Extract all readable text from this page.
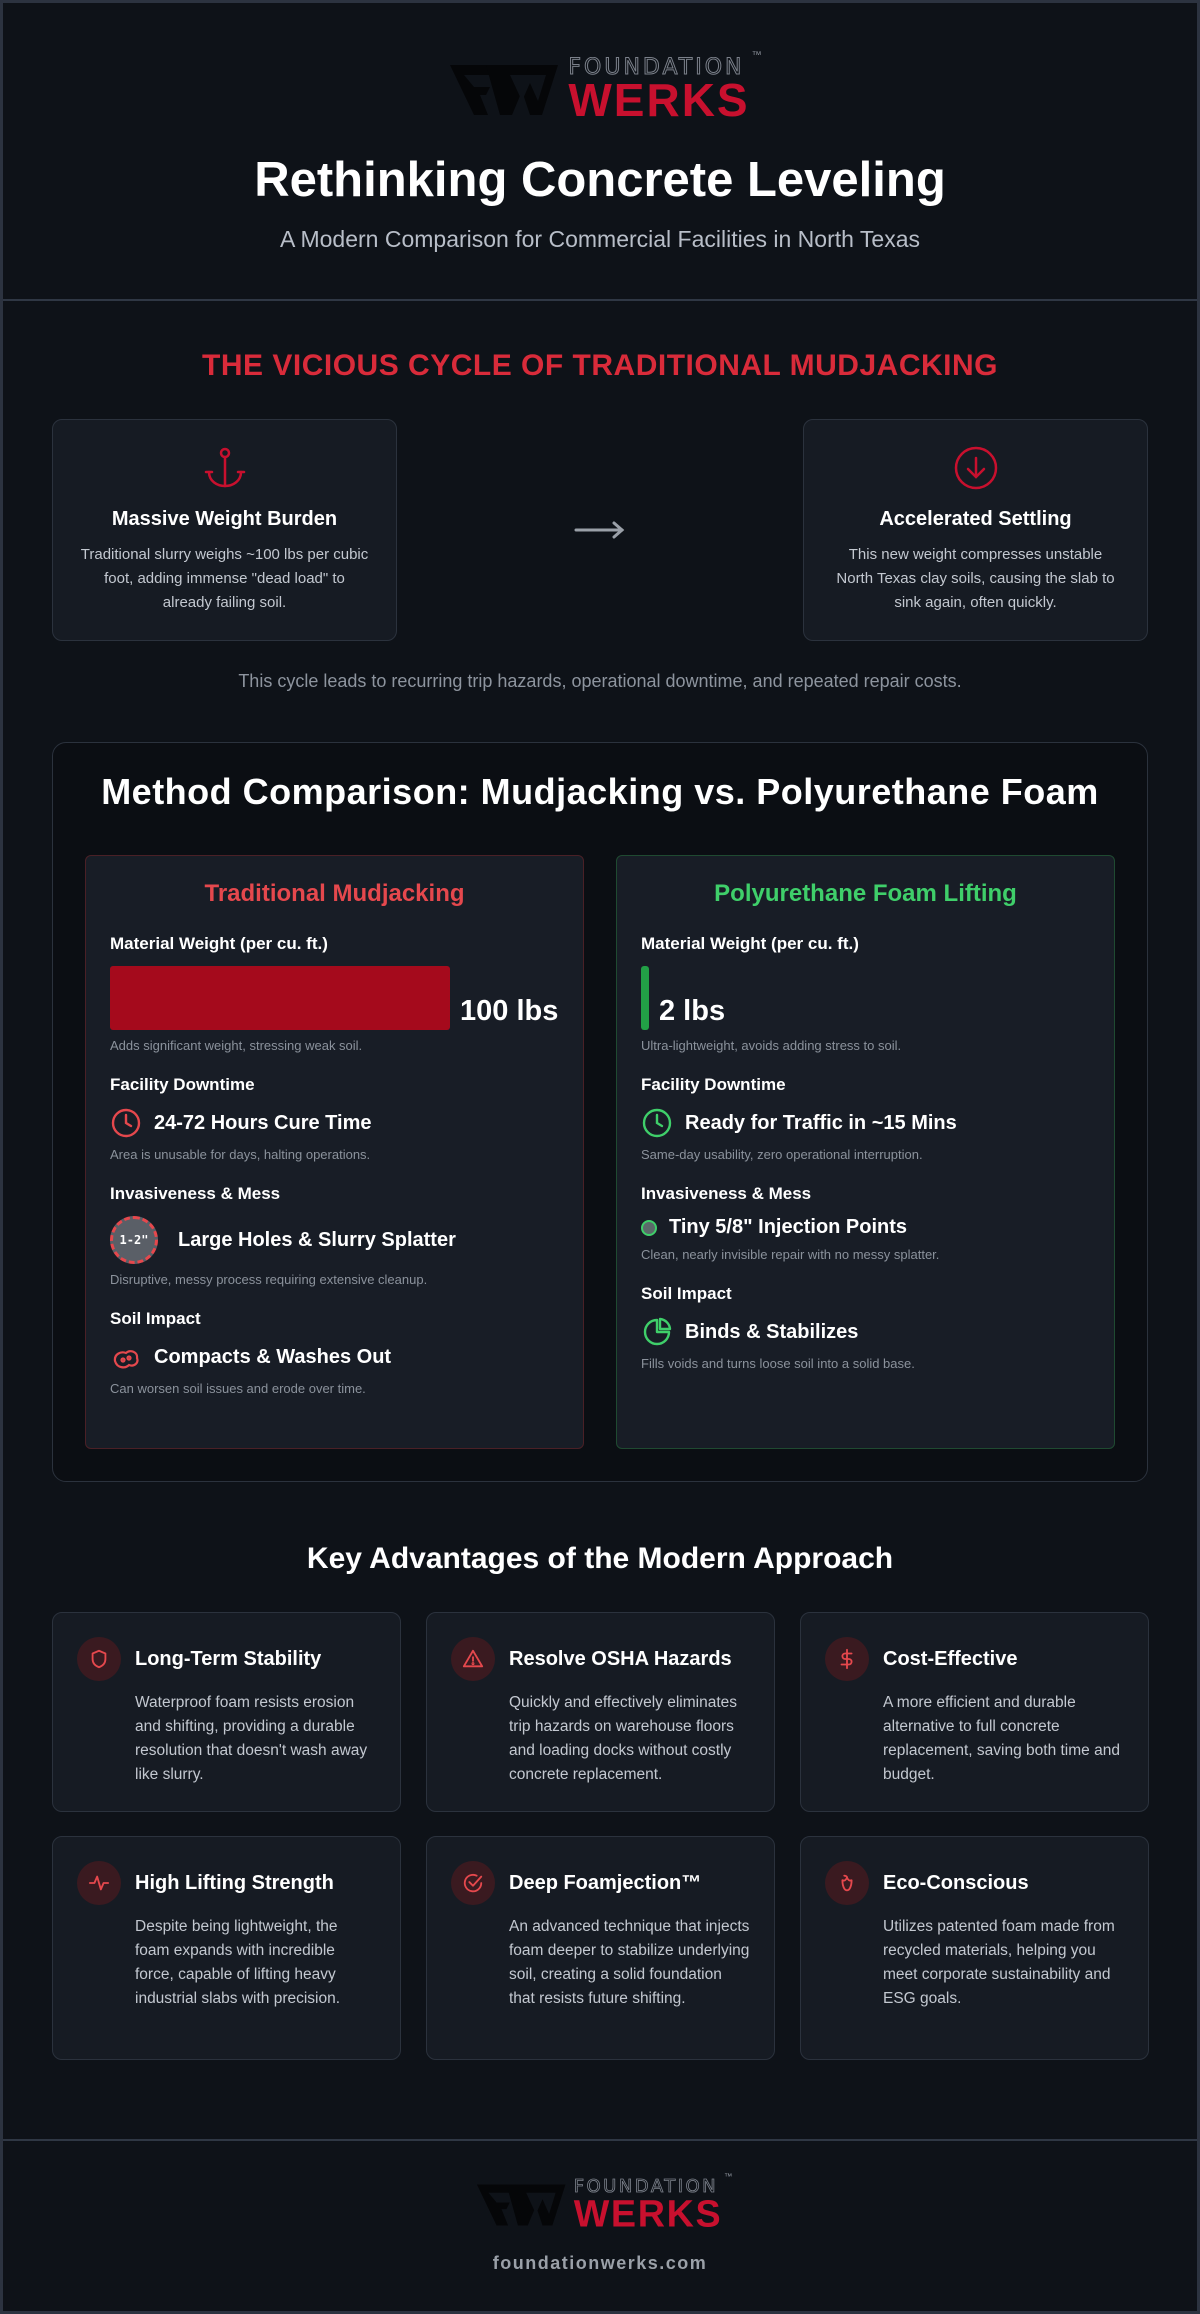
FOUNDATION
WERKS
™
Rethinking Concrete Leveling
A Modern Comparison for Commercial Facilities in North Texas
THE VICIOUS CYCLE OF TRADITIONAL MUDJACKING
Massive Weight Burden

Traditional slurry weighs ~100 lbs per cubic foot, adding immense "dead load" to already failing soil.

Accelerated Settling

This new weight compresses unstable North Texas clay soils, causing the slab to sink again, often quickly.

This cycle leads to recurring trip hazards, operational downtime, and repeated repair costs.
Method Comparison: Mudjacking vs. Polyurethane Foam
Traditional Mudjacking
Material Weight (per cu. ft.)
100 lbs
Adds significant weight, stressing weak soil.
Facility Downtime
24-72 Hours Cure Time
Area is unusable for days, halting operations.
Invasiveness & Mess
1-2"	Large Holes & Slurry Splatter
Disruptive, messy process requiring extensive cleanup.
Soil Impact
Compacts & Washes Out
Can worsen soil issues and erode over time.
Polyurethane Foam Lifting
Material Weight (per cu. ft.)
2 lbs
Ultra-lightweight, avoids adding stress to soil.
Facility Downtime
Ready for Traffic in ~15 Mins
Same-day usability, zero operational interruption.
Invasiveness & Mess
Tiny 5/8" Injection Points
Clean, nearly invisible repair with no messy splatter.
Soil Impact
Binds & Stabilizes
Fills voids and turns loose soil into a solid base.
Key Advantages of the Modern Approach
Long-Term Stability

Waterproof foam resists erosion and shifting, providing a durable resolution that doesn't wash away like slurry.

Resolve OSHA Hazards

Quickly and effectively eliminates trip hazards on warehouse floors and loading docks without costly concrete replacement.

Cost-Effective

A more efficient and durable alternative to full concrete replacement, saving both time and budget.

High Lifting Strength

Despite being lightweight, the foam expands with incredible force, capable of lifting heavy industrial slabs with precision.

Deep Foamjection™

An advanced technique that injects foam deeper to stabilize underlying soil, creating a solid foundation that resists future shifting.

Eco-Conscious

Utilizes patented foam made from recycled materials, helping you meet corporate sustainability and ESG goals.

FOUNDATION
WERKS
™
foundationwerks.com
